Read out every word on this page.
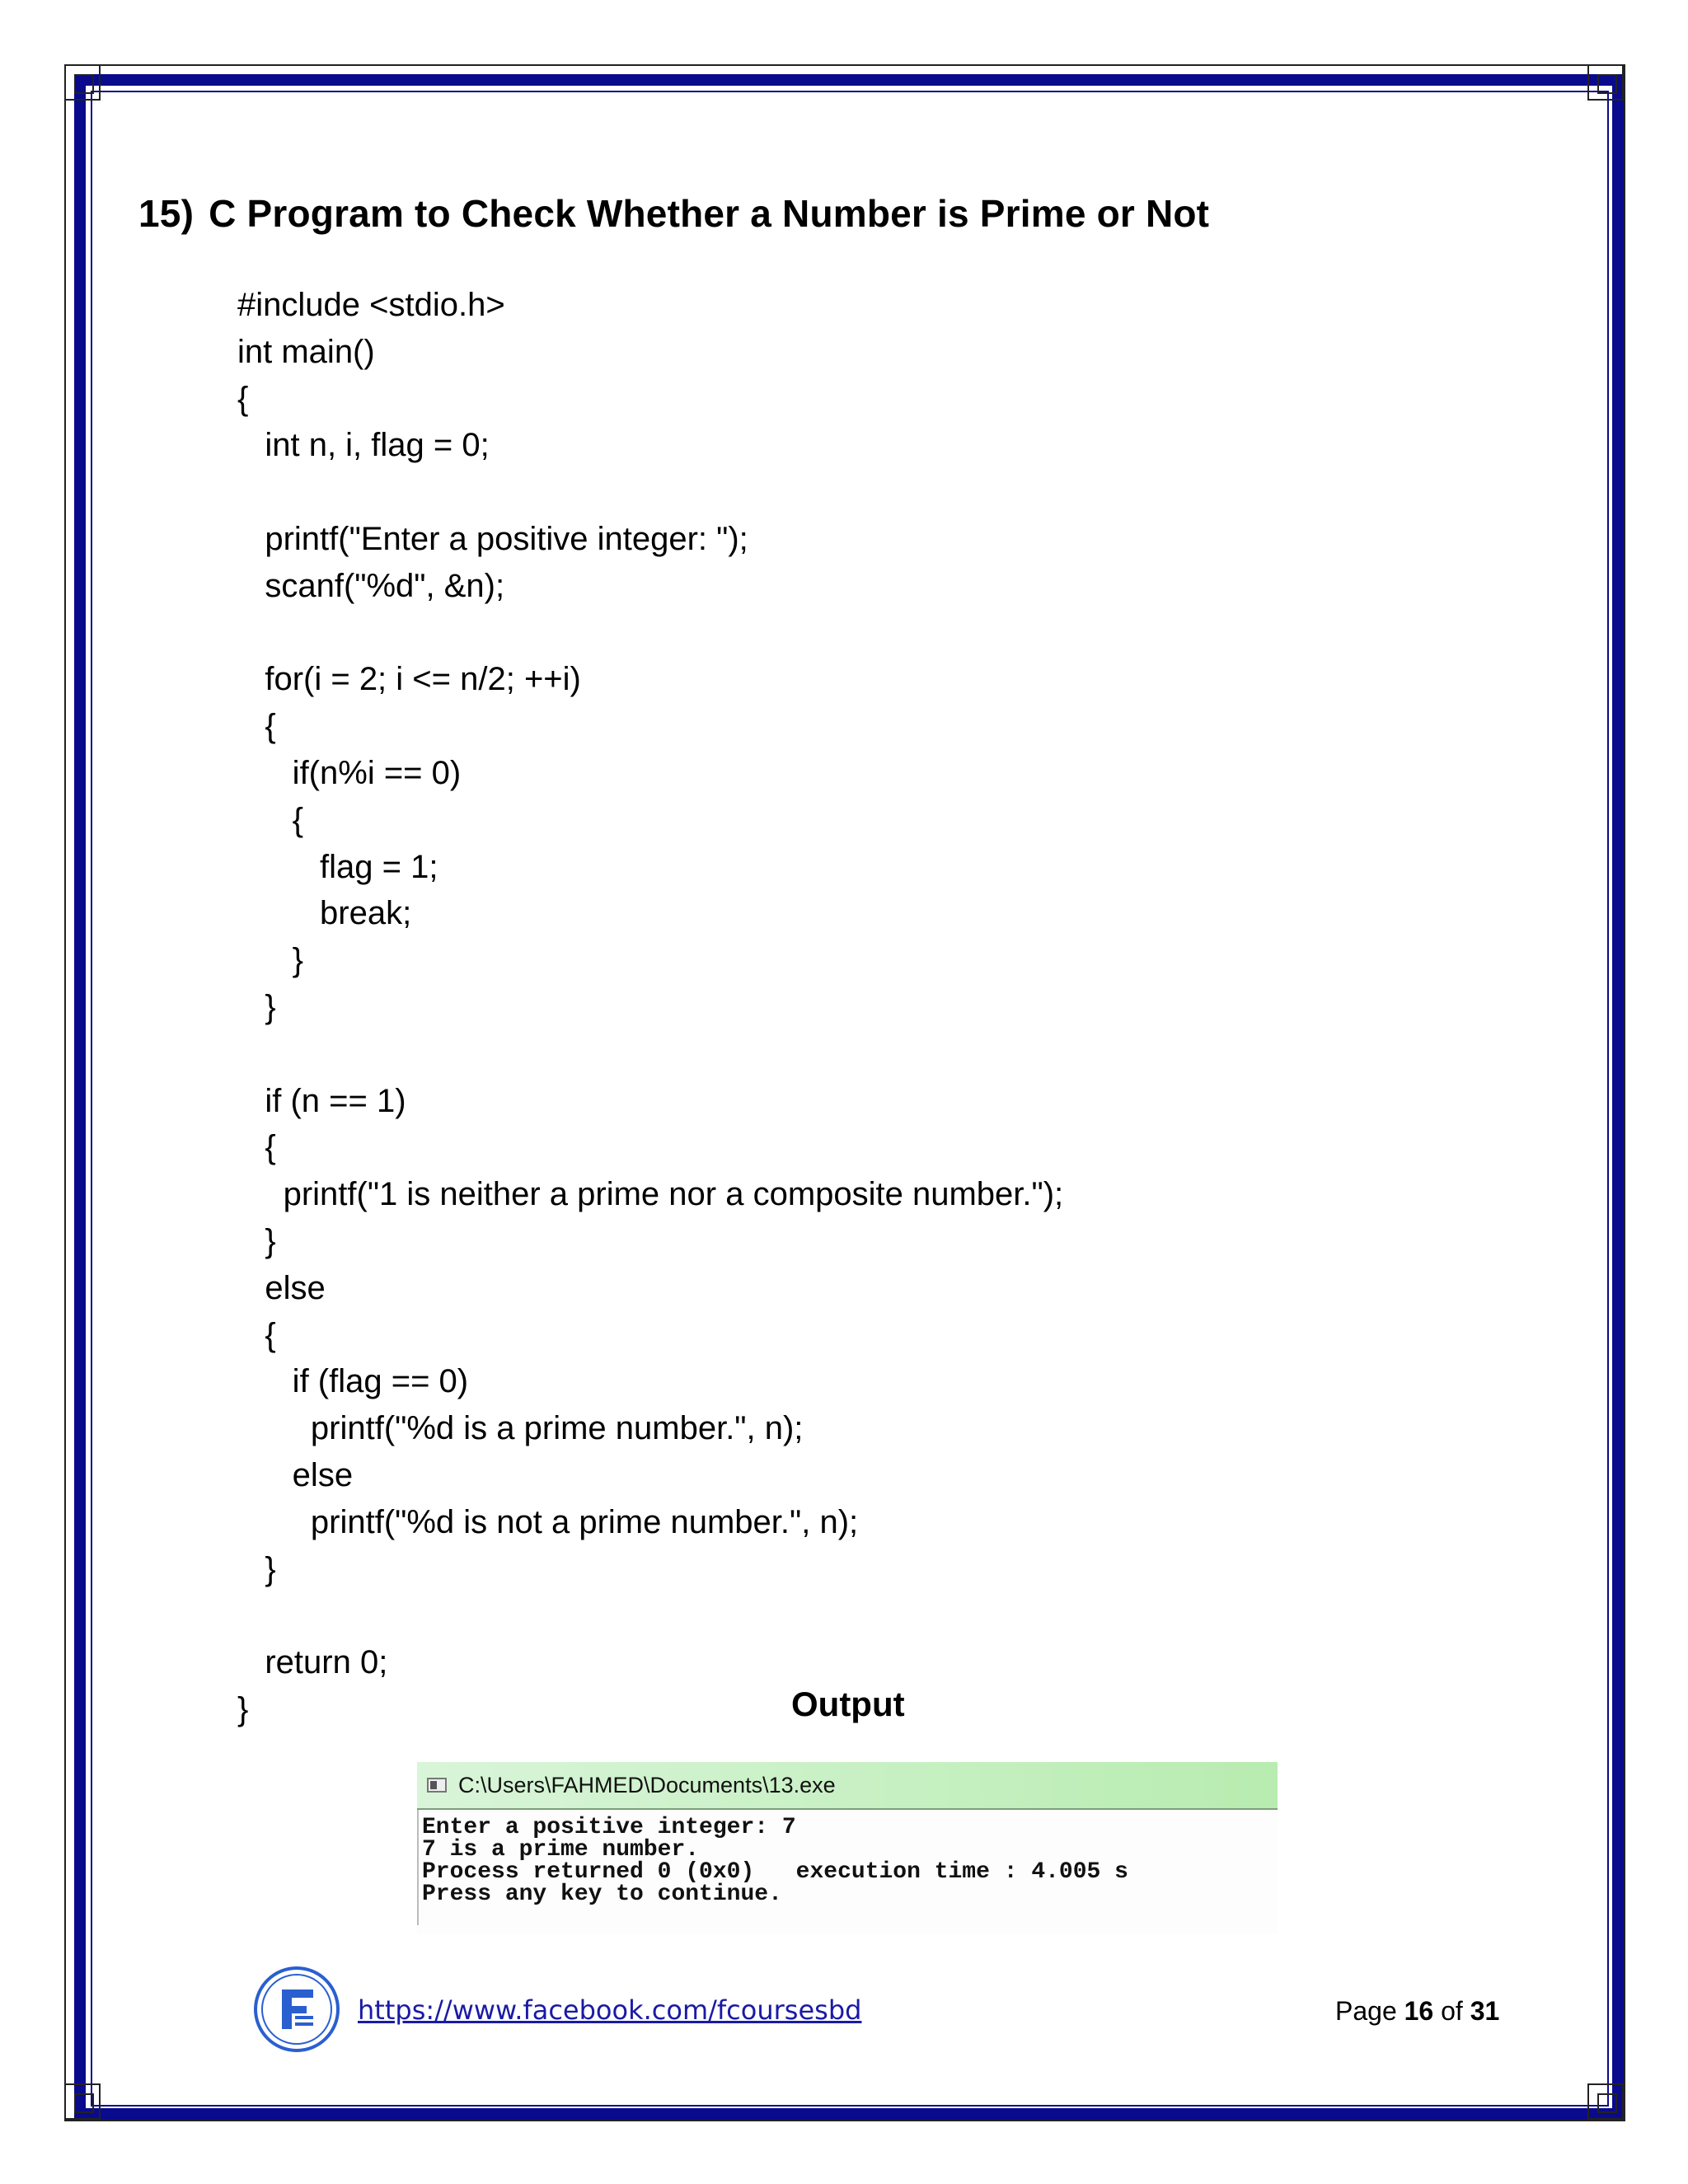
15) C Program to Check Whether a Number is Prime or Not
#include <stdio.h>
int main()
{
int n, i, flag = 0;
printf("Enter a positive integer: ");
scanf("%d", &n);
for(i = 2; i <= n/2; ++i)
{
if(n%i == 0)
{
flag = 1;
break;
}
}
if (n == 1)
{
printf("1 is neither a prime nor a composite number.");
}
else
{
if (flag == 0)
printf("%d is a prime number.", n);
else
printf("%d is not a prime number.", n);
}
return 0;
}	Output
C:\Users\FAHMED\Documents\13.exe
Enter a positive integer: 7
7 is a prime number.
Process returned 0 (0x0)   execution time : 4.005 s
Press any key to continue.
https://www.facebook.com/fcoursesbd	Page 16 of 31
